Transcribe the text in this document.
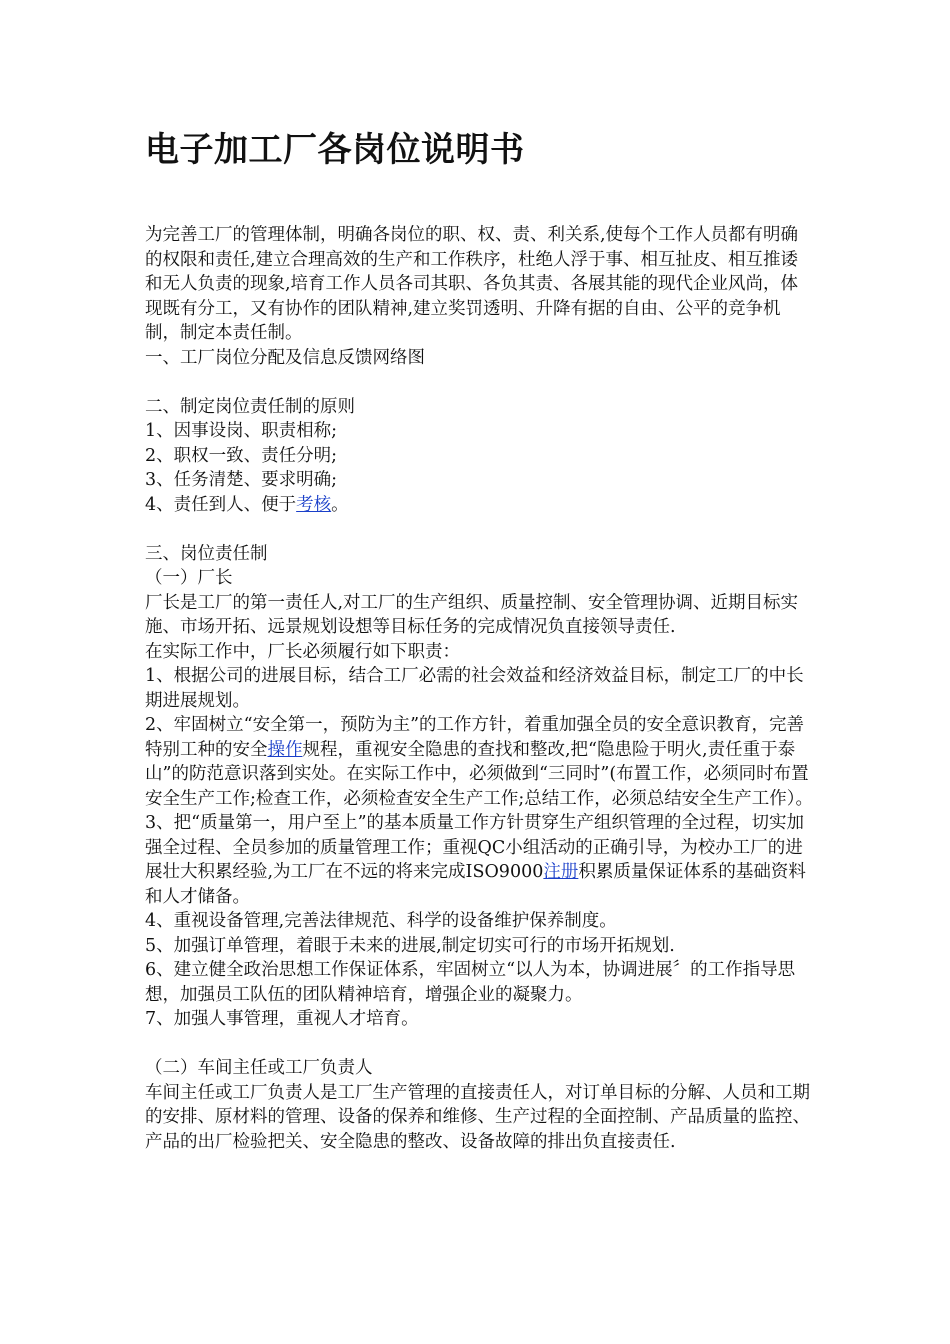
电子加工厂各岗位说明书

为完善工厂的管理体制，明确各岗位的职、权、责、利关系,使每个工作人员都有明确的权限和责任,建立合理高效的生产和工作秩序，杜绝人浮于事、相互扯皮、相互推诿和无人负责的现象,培育工作人员各司其职、各负其责、各展其能的现代企业风尚，体现既有分工，又有协作的团队精神,建立奖罚透明、升降有据的自由、公平的竞争机制，制定本责任制。

一、工厂岗位分配及信息反馈网络图

二、制定岗位责任制的原则

1、因事设岗、职责相称;

2、职权一致、责任分明;

3、任务清楚、要求明确;

4、责任到人、便于考核。

三、岗位责任制

（一）厂长

厂长是工厂的第一责任人,对工厂的生产组织、质量控制、安全管理协调、近期目标实施、市场开拓、远景规划设想等目标任务的完成情况负直接领导责任.

在实际工作中，厂长必须履行如下职责：

1、根据公司的进展目标，结合工厂必需的社会效益和经济效益目标，制定工厂的中长期进展规划。

2、牢固树立“安全第一，预防为主”的工作方针，着重加强全员的安全意识教育，完善特别工种的安全操作规程，重视安全隐患的查找和整改,把“隐患险于明火,责任重于泰山”的防范意识落到实处。在实际工作中，必须做到“三同时”(布置工作，必须同时布置安全生产工作;检查工作，必须检查安全生产工作;总结工作，必须总结安全生产工作）。

3、把“质量第一，用户至上”的基本质量工作方针贯穿生产组织管理的全过程，切实加强全过程、全员参加的质量管理工作；重视QC小组活动的正确引导，为校办工厂的进展壮大积累经验,为工厂在不远的将来完成ISO9000注册积累质量保证体系的基础资料和人才储备。

4、重视设备管理,完善法律规范、科学的设备维护保养制度。

5、加强订单管理，着眼于未来的进展,制定切实可行的市场开拓规划.

6、建立健全政治思想工作保证体系，牢固树立“以人为本，协调进展〞的工作指导思想，加强员工队伍的团队精神培育，增强企业的凝聚力。

7、加强人事管理，重视人才培育。

（二）车间主任或工厂负责人

车间主任或工厂负责人是工厂生产管理的直接责任人，对订单目标的分解、人员和工期的安排、原材料的管理、设备的保养和维修、生产过程的全面控制、产品质量的监控、产品的出厂检验把关、安全隐患的整改、设备故障的排出负直接责任.
